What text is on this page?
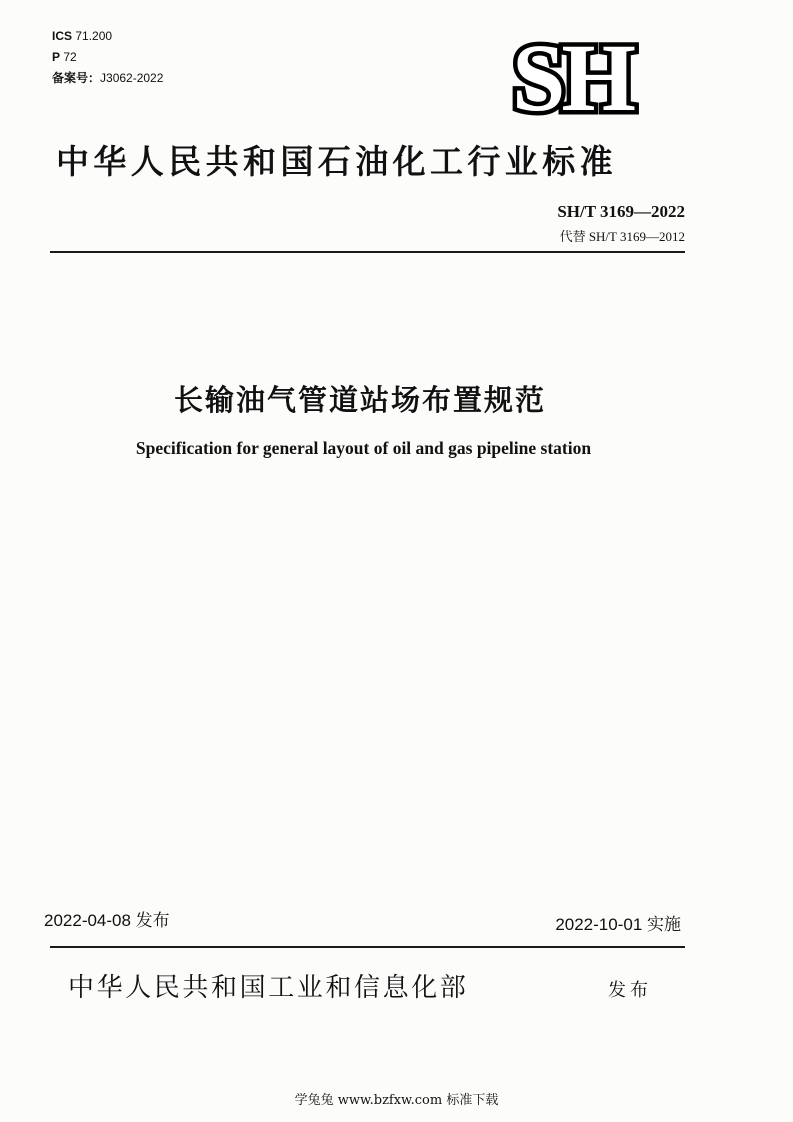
ICS 71.200
P 72
备案号：J3062-2022	SH
中华人民共和国石油化工行业标准
SH/T 3169—2022
代替 SH/T 3169—2012
长输油气管道站场布置规范
Specification for general layout of oil and gas pipeline station
2022-04-08 发布	2022-10-01 实施
中华人民共和国工业和信息化部	发布
学兔兔 www.bzfxw.com 标准下载
